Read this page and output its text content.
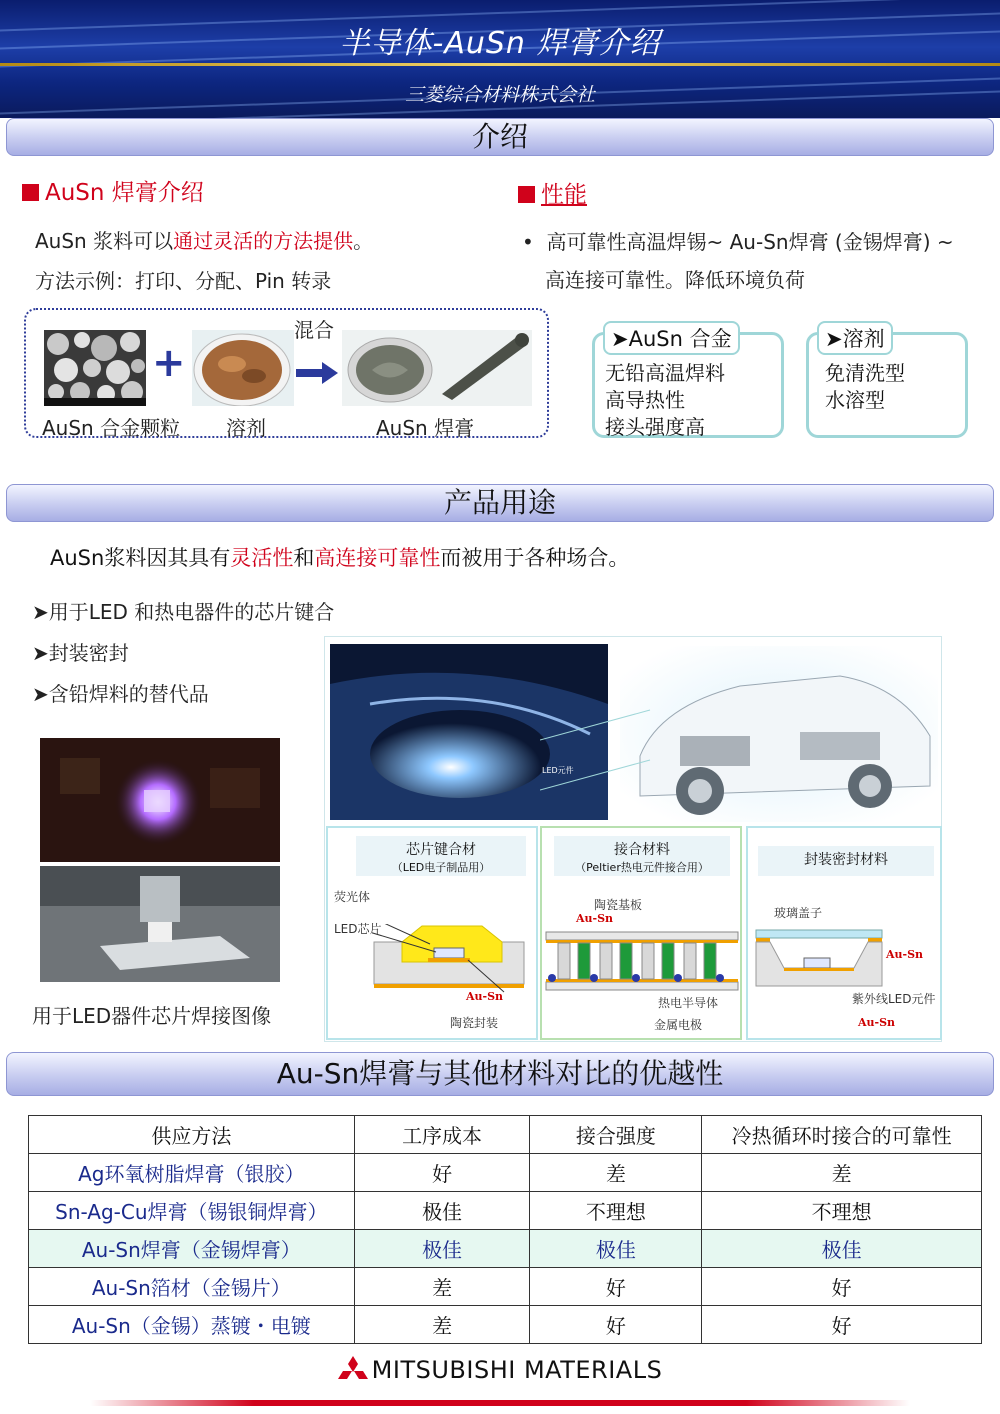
半导体-AuSn 焊膏介绍
三菱综合材料株式会社
介绍
AuSn 焊膏介绍
AuSn 浆料可以通过灵活的方法提供。
方法示例：打印、分配、Pin 转录
+
混合
AuSn 合金颗粒 溶剂	AuSn 焊膏
性能
•  高可靠性高温焊锡~ Au-Sn焊膏 (金锡焊膏) ~
高连接可靠性。降低环境负荷
➤AuSn 合金
无铅高温焊料
高导热性
接头强度高
➤溶剂
免清洗型
水溶型
产品用途
AuSn浆料因其具有灵活性和高连接可靠性而被用于各种场合。
➤用于LED 和热电器件的芯片键合
➤封装密封
➤含铅焊料的替代品
用于LED器件芯片焊接图像
LED元件
芯片键合材
（LED电子制品用）
荧光体
LED芯片
Au-Sn
陶瓷封装
接合材料
（Peltier热电元件接合用）
陶瓷基板
Au-Sn
热电半导体
金属电极
封装密封材料
玻璃盖子
Au-Sn
紫外线LED元件
Au-Sn
Au-Sn焊膏与其他材料对比的优越性
供应方法	工序成本	接合强度	冷热循环时接合的可靠性
Ag环氧树脂焊膏（银胶）	好	差	差
Sn-Ag-Cu焊膏（锡银铜焊膏）	极佳	不理想	不理想
Au-Sn焊膏（金锡焊膏）	极佳	极佳	极佳
Au-Sn箔材（金锡片）	差	好	好
Au-Sn（金锡）蒸镀・电镀	差	好	好
MITSUBISHI MATERIALS
